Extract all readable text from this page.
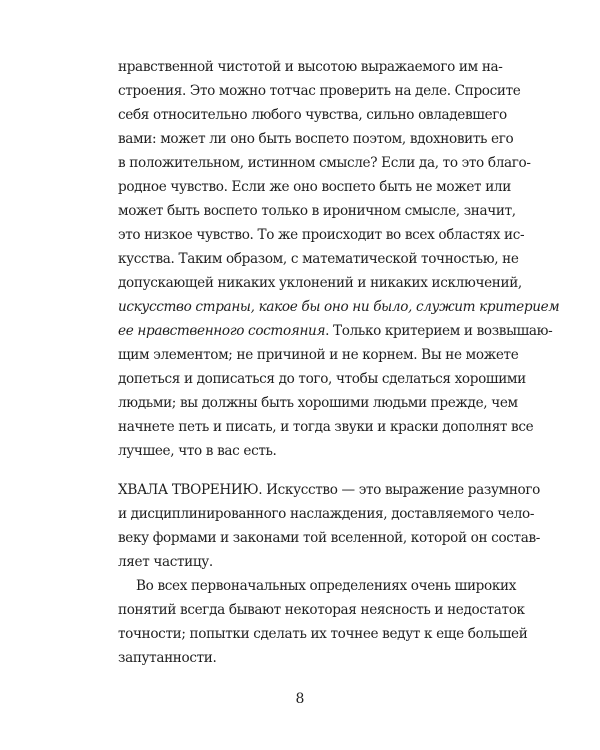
нравственной чистотой и высотою выражаемого им на-
строения. Это можно тотчас проверить на деле. Спросите
себя относительно любого чувства, сильно овладевшего
вами: может ли оно быть воспето поэтом, вдохновить его
в положительном, истинном смысле? Если да, то это благо-
родное чувство. Если же оно воспето быть не может или
может быть воспето только в ироничном смысле, значит,
это низкое чувство. То же происходит во всех областях ис-
кусства. Таким образом, с математической точностью, не
допускающей никаких уклонений и никаких исключений,
искусство страны, какое бы оно ни было, служит критерием
ее нравственного состояния. Только критерием и возвышаю-
щим элементом; не причиной и не корнем. Вы не можете
допеться и дописаться до того, чтобы сделаться хорошими
людьми; вы должны быть хорошими людьми прежде, чем
начнете петь и писать, и тогда звуки и краски дополнят все
лучшее, что в вас есть.
ХВАЛА ТВОРЕНИЮ. Искусство — это выражение разумного
и дисциплинированного наслаждения, доставляемого чело-
веку формами и законами той вселенной, которой он состав-
ляет частицу.
Во всех первоначальных определениях очень широких
понятий всегда бывают некоторая неясность и недостаток
точности; попытки сделать их точнее ведут к еще большей
запутанности.
8
